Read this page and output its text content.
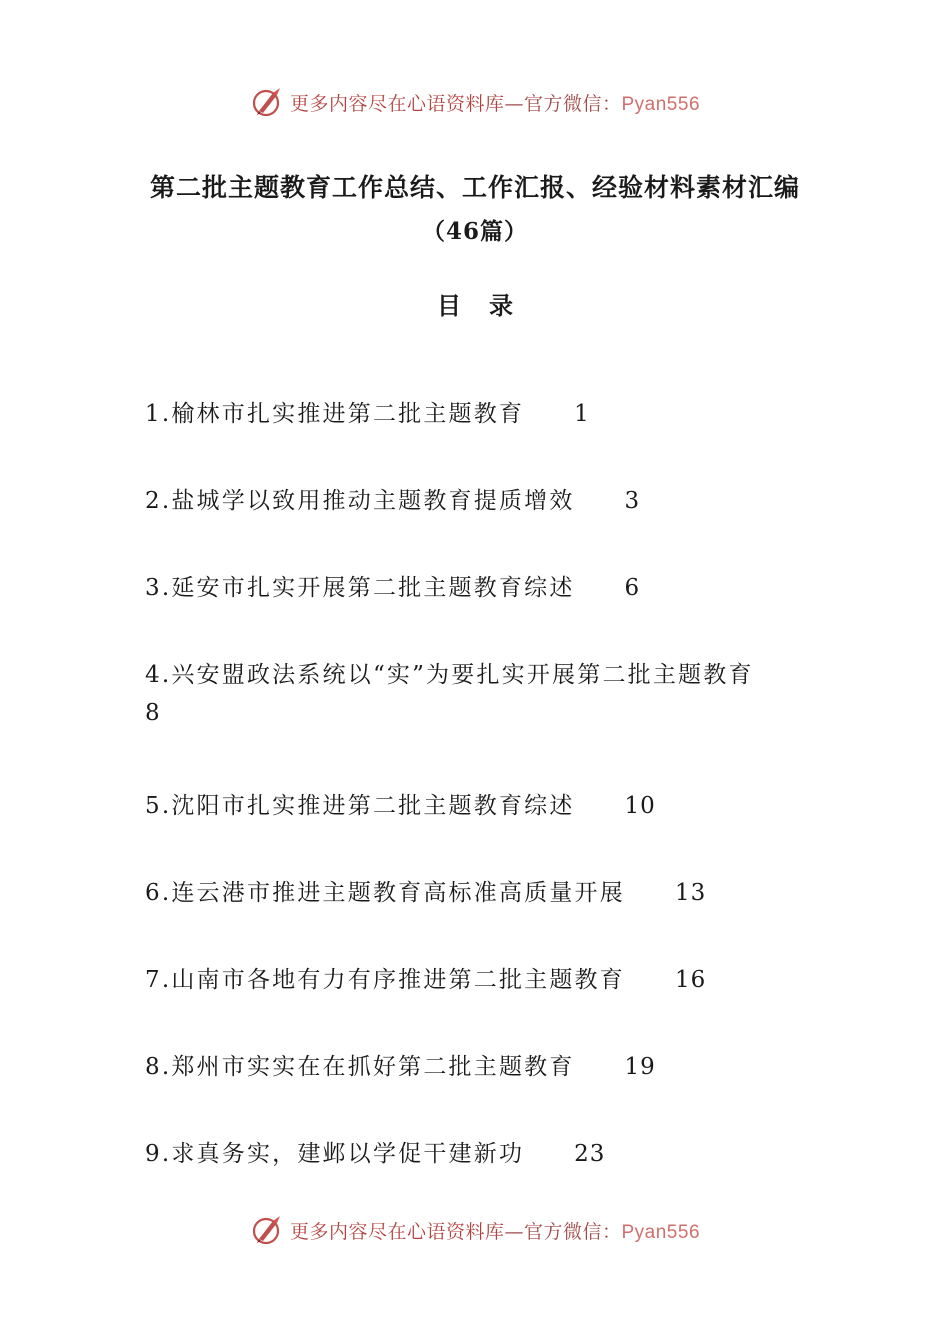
更多内容尽在心语资料库—官方微信：Pyan556
第二批主题教育工作总结、工作汇报、经验材料素材汇编
（46篇）
目录
1.榆林市扎实推进第二批主题教育 1
2.盐城学以致用推动主题教育提质增效 3
3.延安市扎实开展第二批主题教育综述 6
4.兴安盟政法系统以“实”为要扎实开展第二批主题教育
8
5.沈阳市扎实推进第二批主题教育综述 10
6.连云港市推进主题教育高标准高质量开展 13
7.山南市各地有力有序推进第二批主题教育 16
8.郑州市实实在在抓好第二批主题教育 19
9.求真务实，建邺以学促干建新功 23
更多内容尽在心语资料库—官方微信：Pyan556
